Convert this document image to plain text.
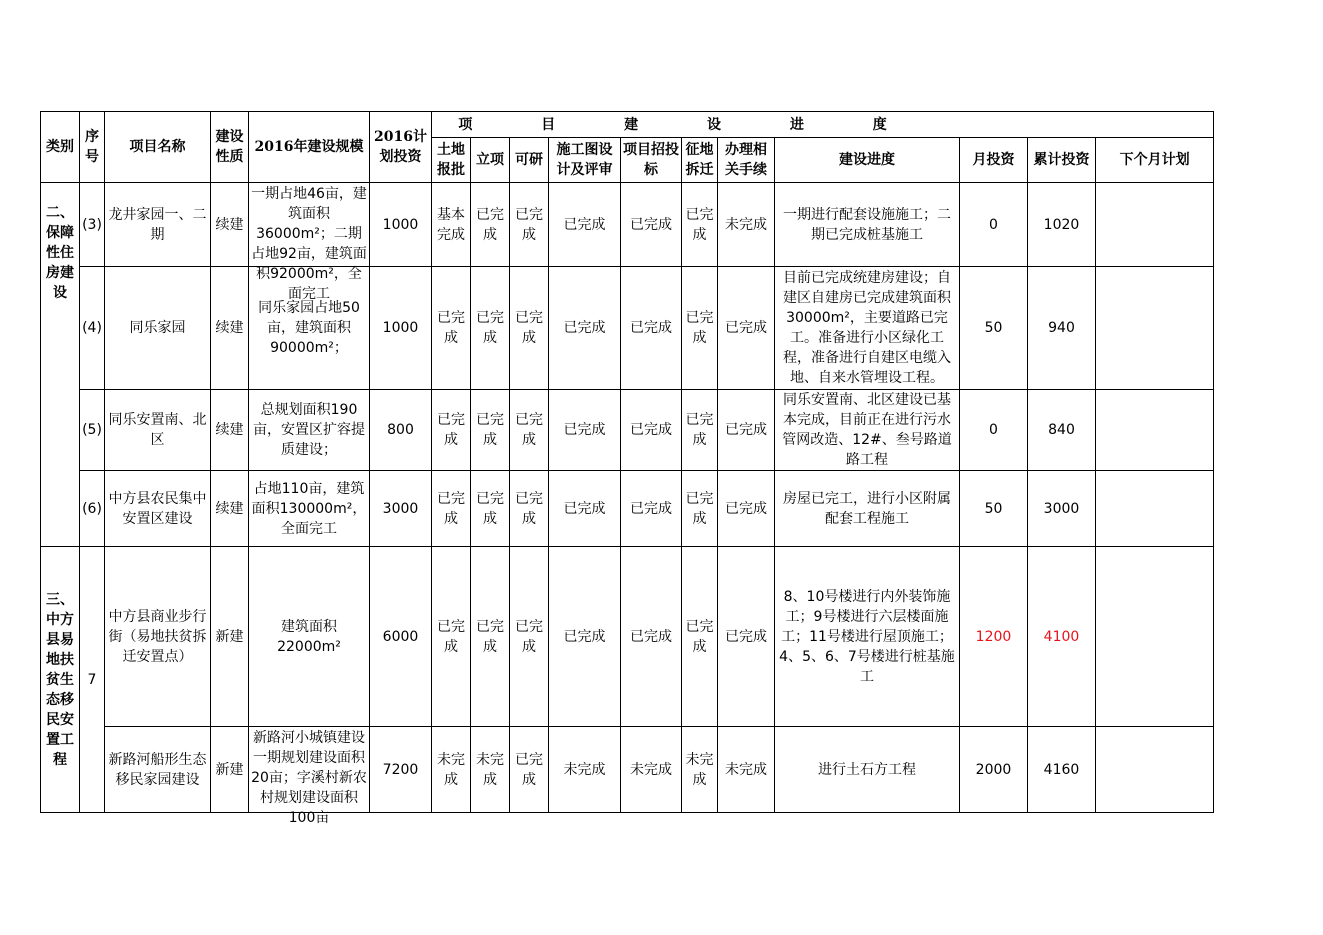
类别	序号	项目名称	建设性质	2016年建设规模	2016计划投资	项 目 建 设 进 度										
						土地报批	立项	可研	施工图设计及评审	项目招投标	征地拆迁	办理相关手续	建设进度	月投资	累计投资	下个月计划
二、保障性住房建设	(3)	龙井家园一、二期	续建	一期占地46亩，建筑面积36000m²；二期占地92亩，建筑面积92000m²，全面完工	1000	基本完成	已完成	已完成	已完成	已完成	已完成	未完成	一期进行配套设施施工；二期已完成桩基施工	0	1020	
	(4)	同乐家园	续建	同乐家园占地50亩，建筑面积90000m²；	1000	已完成	已完成	已完成	已完成	已完成	已完成	已完成	目前已完成统建房建设；自建区自建房已完成建筑面积30000m²，主要道路已完工。准备进行小区绿化工程，准备进行自建区电缆入地、自来水管埋设工程。	50	940	
	(5)	同乐安置南、北区	续建	总规划面积190亩，安置区扩容提质建设；	800	已完成	已完成	已完成	已完成	已完成	已完成	已完成	同乐安置南、北区建设已基本完成，目前正在进行污水管网改造、12#、叁号路道路工程	0	840	
	(6)	中方县农民集中安置区建设	续建	占地110亩，建筑面积130000m²，全面完工	3000	已完成	已完成	已完成	已完成	已完成	已完成	已完成	房屋已完工，进行小区附属配套工程施工	50	3000	
三、中方县易地扶贫生态移民安置工程	7	中方县商业步行街（易地扶贫拆迁安置点）	新建	建筑面积22000m²	6000	已完成	已完成	已完成	已完成	已完成	已完成	已完成	8、10号楼进行内外装饰施工；9号楼进行六层楼面施工；11号楼进行屋顶施工；4、5、6、7号楼进行桩基施工	1200	4100	
		新路河船形生态移民家园建设	新建	新路河小城镇建设一期规划建设面积20亩；字溪村新农村规划建设面积100亩	7200	未完成	未完成	已完成	未完成	未完成	未完成	未完成	进行土石方工程	2000	4160	
